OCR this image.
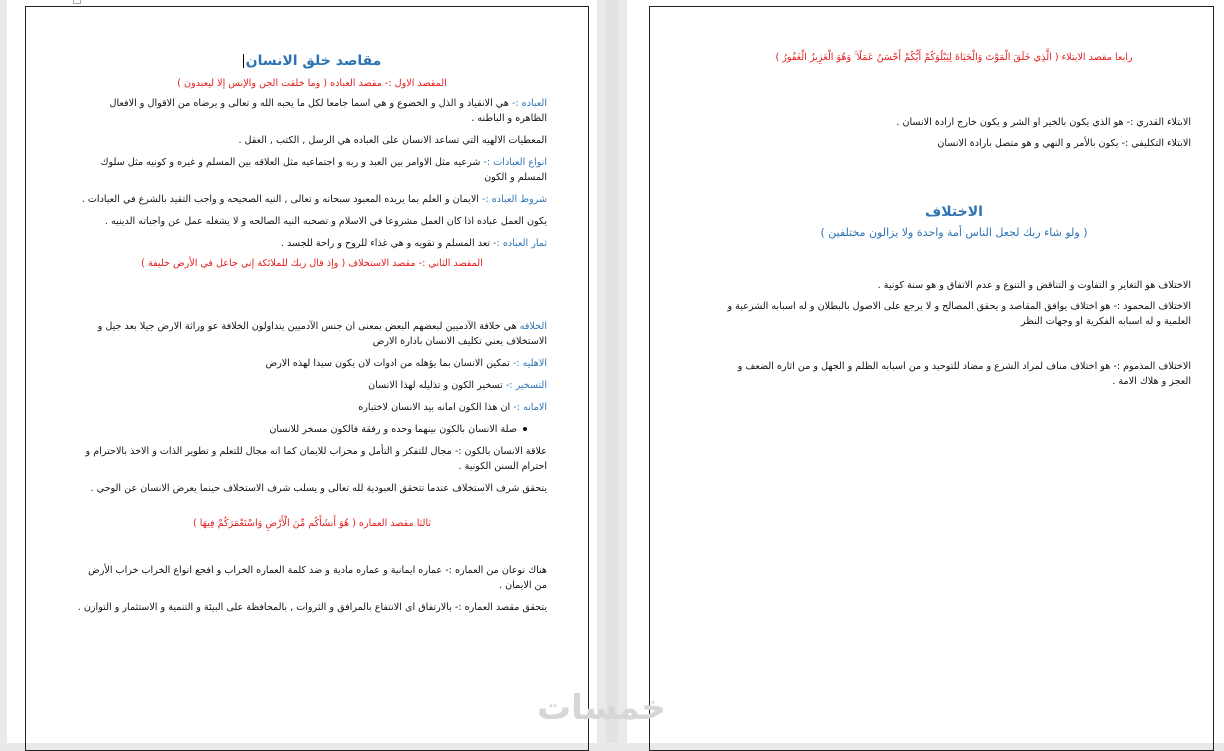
مقاصد خلق الانسان

المقصد الاول :- مقصد العباده ( وما خلقت الجن والإنس إلا ليعبدون )

العباده :- هي الانقياد و الذل و الخضوع و هي اسما جامعا لكل ما يحبه الله و تعالى و يرضاه من الاقوال و الافعال الظاهره و الباطنه .

المعطيات الالهيه التي تساعد الانسان على العباده هي الرسل , الكتب , العقل .

انواع العبادات :- شرعيه مثل الاوامر بين العبد و ربه و اجتماعيه مثل العلاقه بين المسلم و غيره و كونيه مثل سلوك المسلم و الكون

شروط العباده :- الايمان و العلم بما يريده المعبود سبحانه و تعالى , النيه الصحيحه و واجب التقيد بالشرع في العبادات .

يكون العمل عباده اذا كان العمل مشروعا في الاسلام و تصحبه النيه الصالحه و لا يشغله عمل عن واجباته الدينيه .

ثمار العباده :- تعد المسلم و تقويه و هي غذاء للروح و راحة للجسد .

المقصد الثاني :- مقصد الاستخلاف ( وإذ قال ربك للملائكة إني جاعل في الأرض خليفة )

الخلافه هي خلافة الآدميين لبعضهم البعض بمعنى ان جنس الآدميين يتداولون الخلافة عو وراثة الارض جيلا بعد جيل و الاستخلاف يعني تكليف الانسان بادارة الارض

الاهليه :- تمكين الانسان بما يؤهله من ادوات لان يكون سيدا لهذه الارض

التسخير :- تسخير الكون و تذليله لهذا الانسان

الامانه :- ان هذا الكون امانه بيد الانسان لاختباره

صلة الانسان بالكون بينهما وحده و رفقة فالكون مسخر للانسان

علاقة الانسان بالكون :- مجال للتفكر و التأمل و محراب للايمان كما انه مجال للتعلم و تطوير الذات و الاخذ بالاحترام و احترام السنن الكونية .

يتحقق شرف الاستخلاف عندما تتحقق العبودية لله تعالى و يسلب شرف الاستخلاف حينما يعرض الانسان عن الوحي .

ثالثا مقصد العماره ( هُوَ أَنشَأَكُم مِّنَ الْأَرْضِ وَاسْتَعْمَرَكُمْ فِيهَا )

هناك نوعان من العماره :- عماره ايمانية و عماره مادية و ضد كلمة العماره الخراب و افجع انواع الخراب خراب الأرض من الايمان .

يتحقق مقصد العماره :- بالارتفاق اى الانتفاع بالمرافق و الثروات , بالمحافظة على البيئة و التنمية و الاستثمار و التوازن .

رابعا مقصد الابتلاء ( الَّذِي خَلَقَ الْمَوْتَ وَالْحَيَاةَ لِيَبْلُوَكُمْ أَيُّكُمْ أَحْسَنُ عَمَلًا ۚ وَهُوَ الْعَزِيزُ الْغَفُورُ )

الابتلاء القدري :- هو الذي يكون بالخير او الشر و يكون خارج ارادة الانسان .

الابتلاء التكليفي :- يكون بالأمر و النهي و هو متصل بارادة الانسان

الاختلاف

( ولو شاء ربك لجعل الناس أمة واحدة ولا يزالون مختلفين )

الاختلاف هو التغاير و التفاوت و التناقض و التنوع و عدم الاتفاق و هو سنة كونية .

الاختلاف المحمود :- هو اختلاف يوافق المقاصد و يحقق المصالح و لا يرجع على الاصول بالبطلان و له اسبابه الشرعية و العلمية و له اسبابه الفكرية او وجهات النظر

الاختلاف المذموم :- هو اختلاف مناف لمراد الشرع و مضاد للتوحيد و من اسبابه الظلم و الجهل و من اثاره الضعف و العجز و هلاك الامة .

خمسات
